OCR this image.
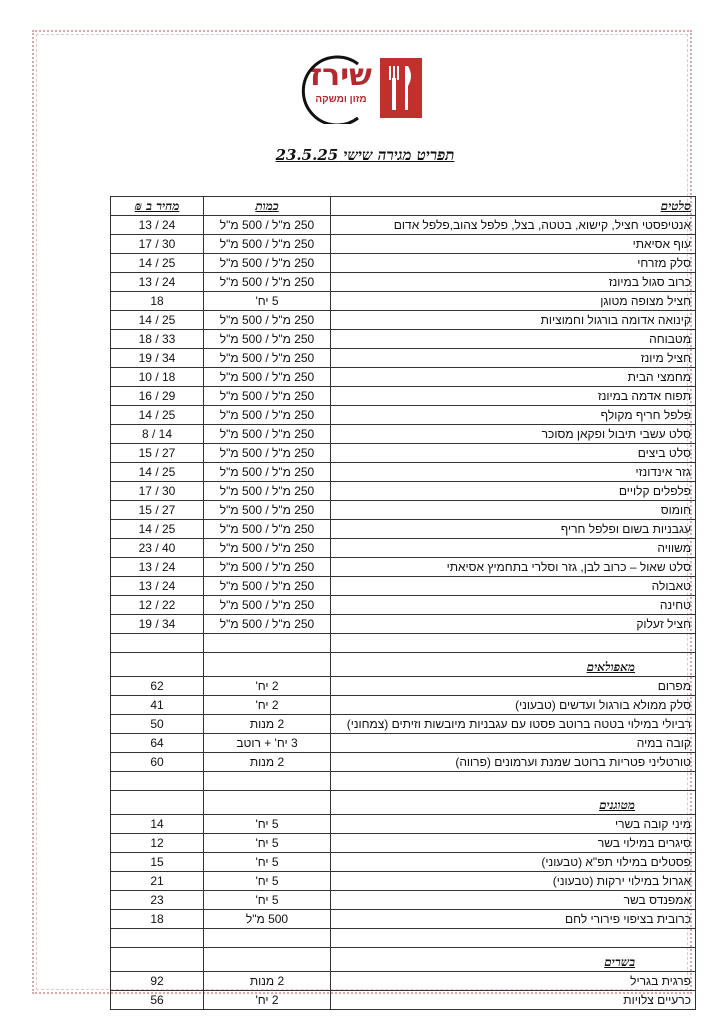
שירז
מזון ומשקה
תפריט מגירה שישי 23.5.25
סלטים	כמות	מחיר ב ₪
אנטיפסטי חציל, קישוא, בטטה, בצל, פלפל צהוב,פלפל אדום	250 מ"ל / 500 מ"ל	24 / 13
עוף אסיאתי	250 מ"ל / 500 מ"ל	30 / 17
סלק מזרחי	250 מ"ל / 500 מ"ל	25 / 14
כרוב סגול במיונז	250 מ"ל / 500 מ"ל	24 / 13
חציל מצופה מטוגן	5 יח'	18
קינואה אדומה בורגול וחמוציות	250 מ"ל / 500 מ"ל	25 / 14
מטבוחה	250 מ"ל / 500 מ"ל	33 / 18
חציל מיונז	250 מ"ל / 500 מ"ל	34 / 19
מחמצי הבית	250 מ"ל / 500 מ"ל	18 / 10
תפוח אדמה במיונז	250 מ"ל / 500 מ"ל	29 / 16
פלפל חריף מקולף	250 מ"ל / 500 מ"ל	25 / 14
סלט עשבי תיבול ופקאן מסוכר	250 מ"ל / 500 מ"ל	14 / 8
סלט ביצים	250 מ"ל / 500 מ"ל	27 / 15
גזר אינדונזי	250 מ"ל / 500 מ"ל	25 / 14
פלפלים קלויים	250 מ"ל / 500 מ"ל	30 / 17
חומוס	250 מ"ל / 500 מ"ל	27 / 15
עגבניות בשום ופלפל חריף	250 מ"ל / 500 מ"ל	25 / 14
משוויה	250 מ"ל / 500 מ"ל	40 / 23
סלט שאול – כרוב לבן, גזר וסלרי בתחמיץ אסיאתי	250 מ"ל / 500 מ"ל	24 / 13
טאבולה	250 מ"ל / 500 מ"ל	24 / 13
טחינה	250 מ"ל / 500 מ"ל	22 / 12
חציל זעלוק	250 מ"ל / 500 מ"ל	34 / 19

מאפולאים		
מפרום	2 יח'	62
סלק ממולא בורגול ועדשים (טבעוני)	2 יח'	41
רביולי במילוי בטטה ברוטב פסטו עם עגבניות מיובשות וזיתים (צמחוני)	2 מנות	50
קובה במיה	3 יח' + רוטב	64
טורטליני פטריות ברוטב שמנת וערמונים (פרווה)	2 מנות	60

מטוגנים		
מיני קובה בשרי	5 יח'	14
סיגרים במילוי בשר	5 יח'	12
פסטלים במילוי תפ"א (טבעוני)	5 יח'	15
אגרול במילוי ירקות (טבעוני)	5 יח'	21
אמפנדס בשר	5 יח'	23
כרובית בציפוי פירורי לחם	500 מ"ל	18

בשרים		
פרגית בגריל	2 מנות	92
כרעיים צלויות	2 יח'	56
